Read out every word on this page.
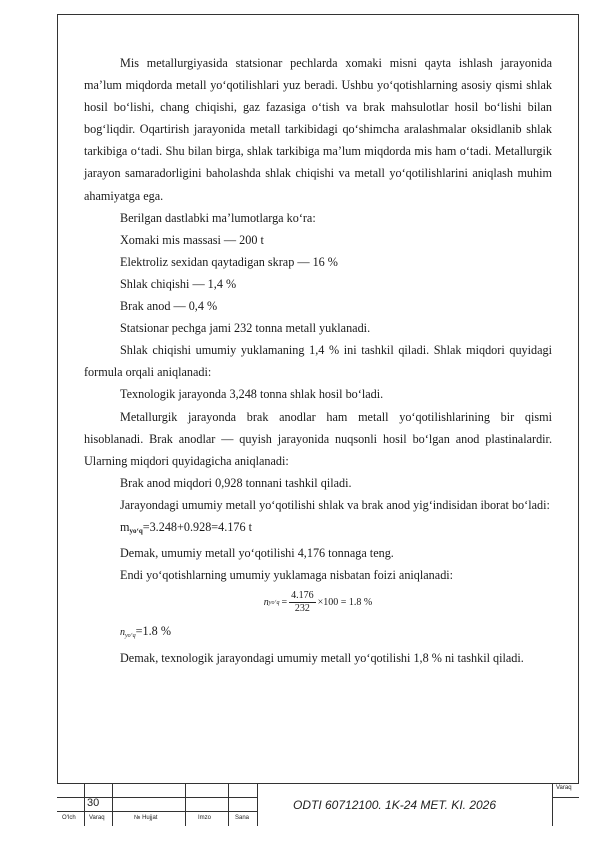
Mis metallurgiyasida statsionar pechlarda xomaki misni qayta ishlash jarayonida ma’lum miqdorda metall yo‘qotilishlari yuz beradi. Ushbu yo‘qotishlarning asosiy qismi shlak hosil bo‘lishi, chang chiqishi, gaz fazasiga o‘tish va brak mahsulotlar hosil bo‘lishi bilan bog‘liqdir. Oqartirish jarayonida metall tarkibidagi qo‘shimcha aralashmalar oksidlanib shlak tarkibiga o‘tadi. Shu bilan birga, shlak tarkibiga ma’lum miqdorda mis ham o‘tadi. Metallurgik jarayon samaradorligini baholashda shlak chiqishi va metall yo‘qotilishlarini aniqlash muhim ahamiyatga ega.

Berilgan dastlabki ma’lumotlarga ko‘ra:

Xomaki mis massasi — 200 t

Elektroliz sexidan qaytadigan skrap — 16 %

Shlak chiqishi — 1,4 %

Brak anod — 0,4 %

Statsionar pechga jami 232 tonna metall yuklanadi.

Shlak chiqishi umumiy yuklamaning 1,4 % ini tashkil qiladi. Shlak miqdori quyidagi formula orqali aniqlanadi:

Texnologik jarayonda 3,248 tonna shlak hosil bo‘ladi.

Metallurgik jarayonda brak anodlar ham metall yo‘qotilishlarining bir qismi hisoblanadi. Brak anodlar — quyish jarayonida nuqsonli hosil bo‘lgan anod plastinalardir. Ularning miqdori quyidagicha aniqlanadi:

Brak anod miqdori 0,928 tonnani tashkil qiladi.

Jarayondagi umumiy metall yo‘qotilishi shlak va brak anod yig‘indisidan iborat bo‘ladi:

$m_{yo‘q}=3.248+0.928=4.176$ t

Demak, umumiy metall yo‘qotilishi 4,176 tonnaga teng.

Endi yo‘qotishlarning umumiy yuklamaga nisbatan foizi aniqlanadi:

n yo‘q = $\frac{4.176}{232} \times 100 = 1.8$ %

nyo‘q=1.8 %

Demak, texnologik jarayondagi umumiy metall yo‘qotilishi 1,8 % ni tashkil qiladi.

30	ODTI 60712100. 1K-24 MET. KI. 2026
Varaq
O‘lch Varaq	№ Hujjat	Imzo	Sana
